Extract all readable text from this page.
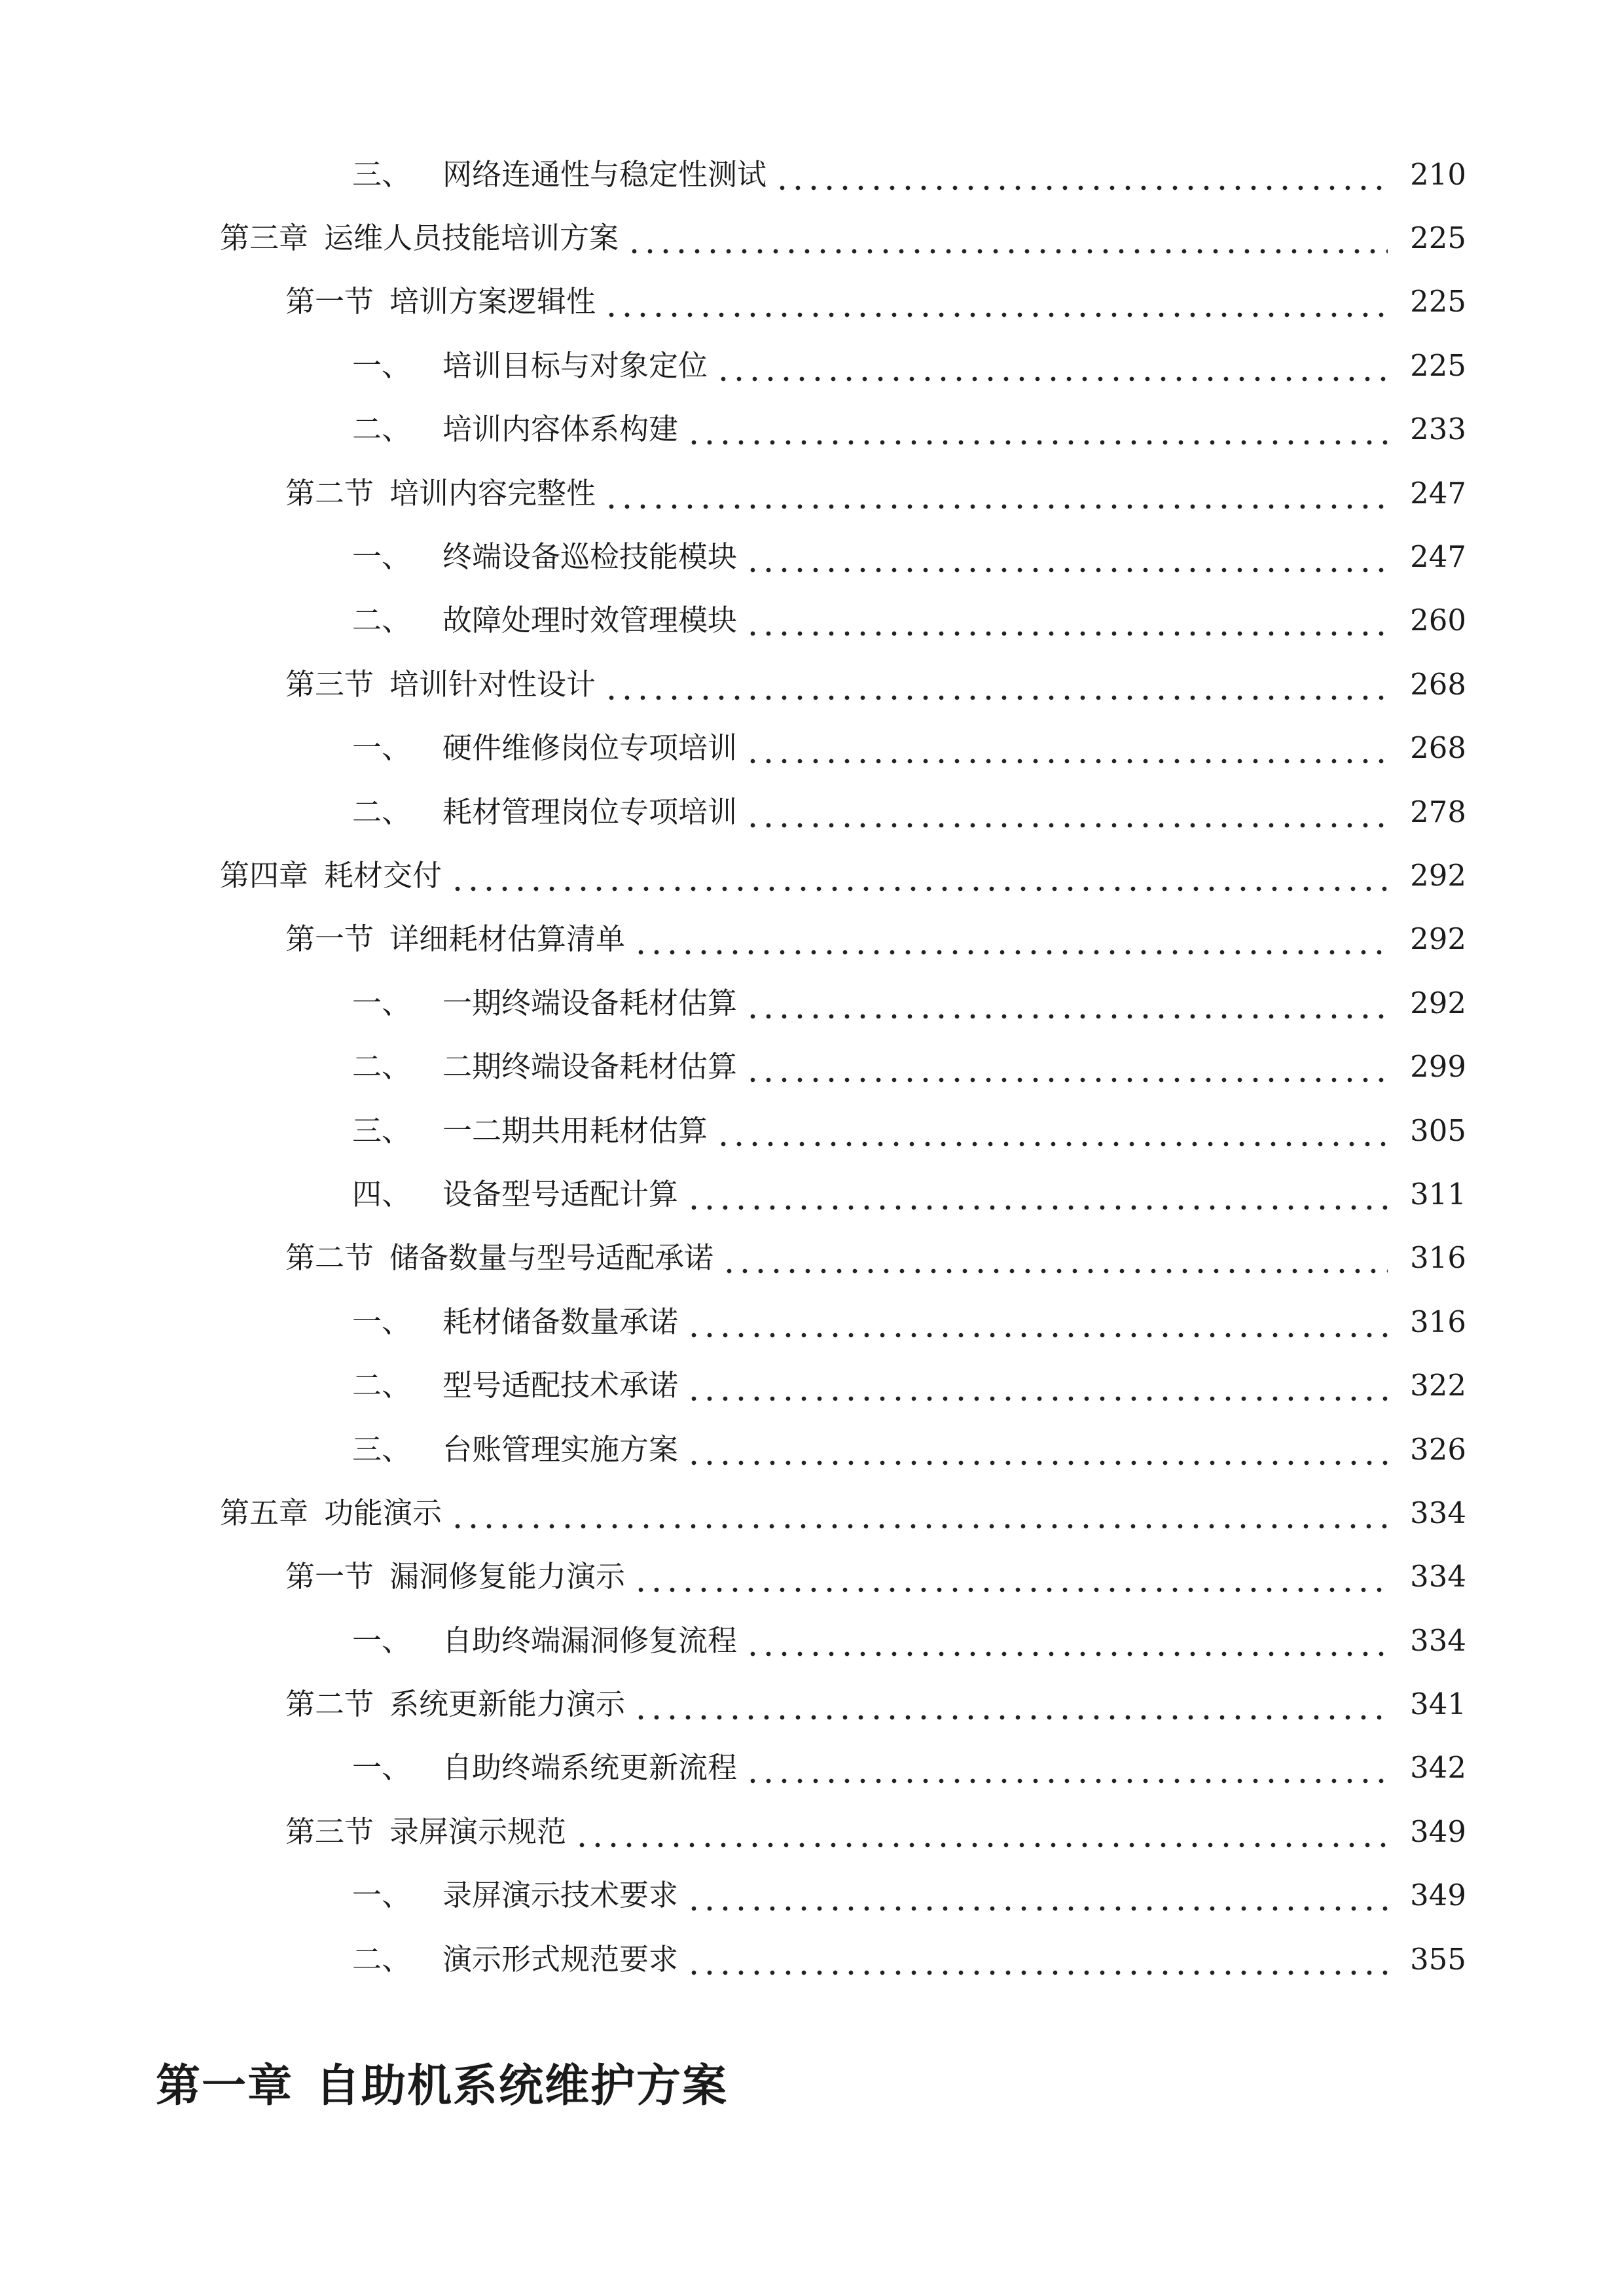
三、 网络连通性与稳定性测试	210
第三章 运维人员技能培训方案	225
第一节 培训方案逻辑性	225
一、 培训目标与对象定位	225
二、 培训内容体系构建	233
第二节 培训内容完整性	247
一、 终端设备巡检技能模块	247
二、 故障处理时效管理模块	260
第三节 培训针对性设计	268
一、 硬件维修岗位专项培训	268
二、 耗材管理岗位专项培训	278
第四章 耗材交付	292
第一节 详细耗材估算清单	292
一、 一期终端设备耗材估算	292
二、 二期终端设备耗材估算	299
三、 一二期共用耗材估算	305
四、 设备型号适配计算	311
第二节 储备数量与型号适配承诺	316
一、 耗材储备数量承诺	316
二、 型号适配技术承诺	322
三、 台账管理实施方案	326
第五章 功能演示	334
第一节 漏洞修复能力演示	334
一、 自助终端漏洞修复流程	334
第二节 系统更新能力演示	341
一、 自助终端系统更新流程	342
第三节 录屏演示规范	349
一、 录屏演示技术要求	349
二、 演示形式规范要求	355
第一章 自助机系统维护方案
